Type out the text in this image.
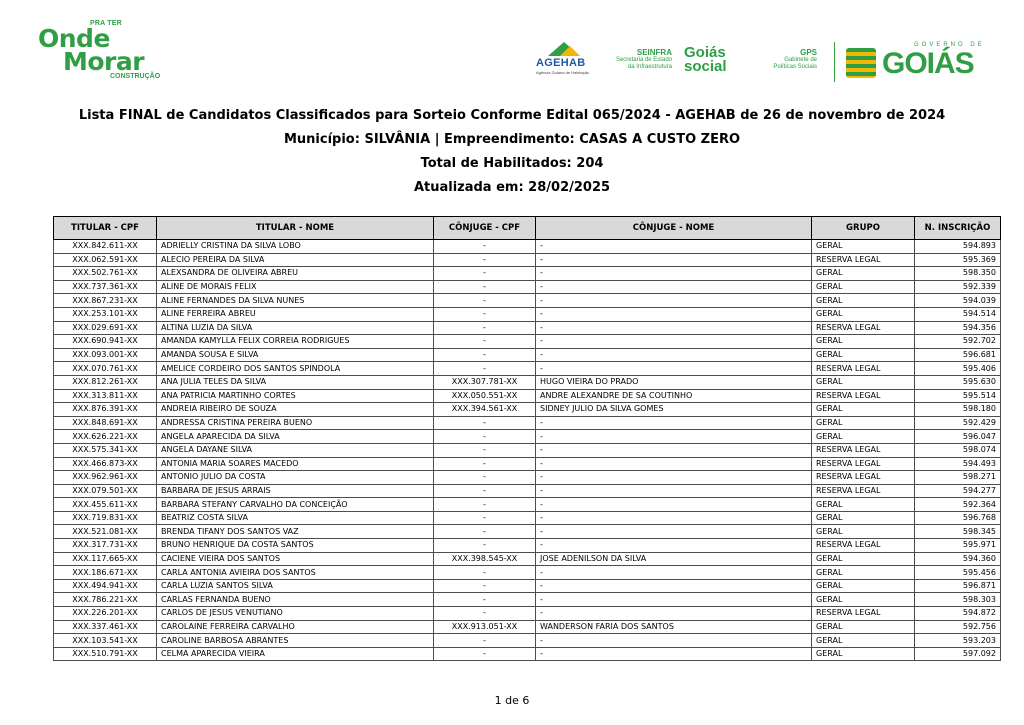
PRA TER
Onde
Morar
CONSTRUÇÃO
AGEHAB
Agência Goiana de Habitação
SEINFRA
Secretaria de Estado
da Infraestrutura
Goiás
social
GPS
Gabinete de
Políticas Sociais
GOVERNO DE
GOIÁS
Lista FINAL de Candidatos Classificados para Sorteio Conforme Edital 065/2024 - AGEHAB de 26 de novembro de 2024
Município: SILVÂNIA | Empreendimento: CASAS A CUSTO ZERO
Total de Habilitados: 204
Atualizada em: 28/02/2025
TITULAR - CPF	TITULAR - NOME	CÔNJUGE - CPF	CÔNJUGE - NOME	GRUPO	N. INSCRIÇÃO
XXX.842.611-XX	ADRIELLY CRISTINA DA SILVA LOBO	-	-	GERAL	594.893
XXX.062.591-XX	ALECIO PEREIRA DA SILVA	-	-	RESERVA LEGAL	595.369
XXX.502.761-XX	ALEXSANDRA DE OLIVEIRA ABREU	-	-	GERAL	598.350
XXX.737.361-XX	ALINE DE MORAIS FELIX	-	-	GERAL	592.339
XXX.867.231-XX	ALINE FERNANDES DA SILVA NUNES	-	-	GERAL	594.039
XXX.253.101-XX	ALINE FERREIRA ABREU	-	-	GERAL	594.514
XXX.029.691-XX	ALTINA LUZIA DA SILVA	-	-	RESERVA LEGAL	594.356
XXX.690.941-XX	AMANDA KAMYLLA FELIX CORREIA RODRIGUES	-	-	GERAL	592.702
XXX.093.001-XX	AMANDA SOUSA E SILVA	-	-	GERAL	596.681
XXX.070.761-XX	AMELICE CORDEIRO DOS SANTOS SPINDOLA	-	-	RESERVA LEGAL	595.406
XXX.812.261-XX	ANA JULIA TELES DA SILVA	XXX.307.781-XX	HUGO VIEIRA DO PRADO	GERAL	595.630
XXX.313.811-XX	ANA PATRICIA MARTINHO CORTES	XXX.050.551-XX	ANDRE ALEXANDRE DE SA COUTINHO	RESERVA LEGAL	595.514
XXX.876.391-XX	ANDREIA RIBEIRO DE SOUZA	XXX.394.561-XX	SIDNEY JULIO DA SILVA GOMES	GERAL	598.180
XXX.848.691-XX	ANDRESSA CRISTINA PEREIRA BUENO	-	-	GERAL	592.429
XXX.626.221-XX	ANGELA APARECIDA DA SILVA	-	-	GERAL	596.047
XXX.575.341-XX	ANGELA DAYANE SILVA	-	-	RESERVA LEGAL	598.074
XXX.466.873-XX	ANTONIA MARIA SOARES MACEDO	-	-	RESERVA LEGAL	594.493
XXX.962.961-XX	ANTONIO JULIO DA COSTA	-	-	RESERVA LEGAL	598.271
XXX.079.501-XX	BARBARA DE JESUS ARRAIS	-	-	RESERVA LEGAL	594.277
XXX.455.611-XX	BARBARA STEFANY CARVALHO DA CONCEIÇÃO	-	-	GERAL	592.364
XXX.719.831-XX	BEATRIZ COSTA SILVA	-	-	GERAL	596.768
XXX.521.081-XX	BRENDA TIFANY DOS SANTOS VAZ	-	-	GERAL	598.345
XXX.317.731-XX	BRUNO HENRIQUE DA COSTA SANTOS	-	-	RESERVA LEGAL	595.971
XXX.117.665-XX	CACIENE VIEIRA DOS SANTOS	XXX.398.545-XX	JOSE ADENILSON DA SILVA	GERAL	594.360
XXX.186.671-XX	CARLA ANTONIA AVIEIRA DOS SANTOS	-	-	GERAL	595.456
XXX.494.941-XX	CARLA LUZIA SANTOS SILVA	-	-	GERAL	596.871
XXX.786.221-XX	CARLAS FERNANDA BUENO	-	-	GERAL	598.303
XXX.226.201-XX	CARLOS DE JESUS VENUTIANO	-	-	RESERVA LEGAL	594.872
XXX.337.461-XX	CAROLAINE FERREIRA CARVALHO	XXX.913.051-XX	WANDERSON FARIA DOS SANTOS	GERAL	592.756
XXX.103.541-XX	CAROLINE BARBOSA ABRANTES	-	-	GERAL	593.203
XXX.510.791-XX	CELMA APARECIDA VIEIRA	-	-	GERAL	597.092
1 de 6
